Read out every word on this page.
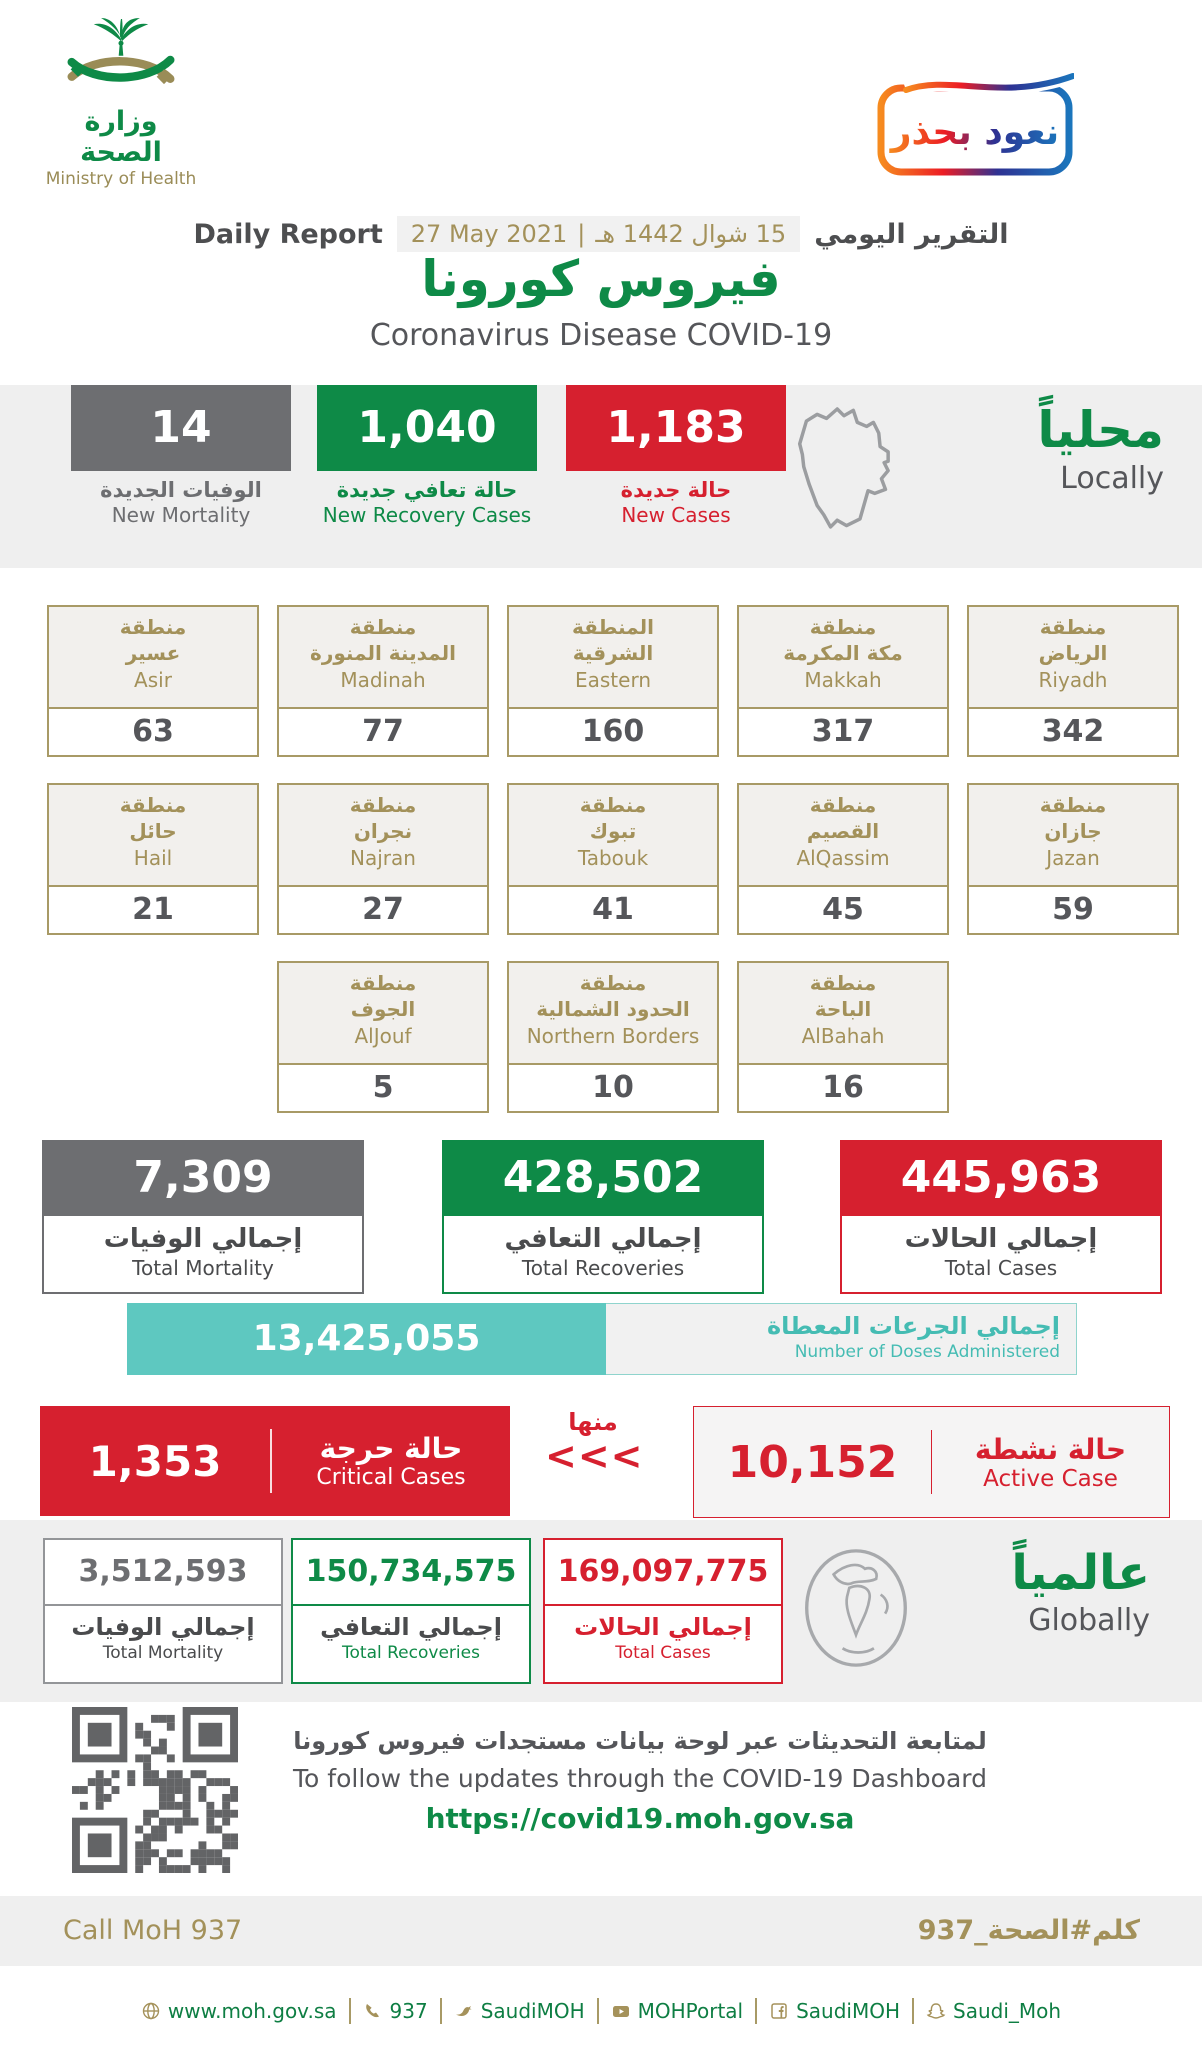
وزارة الصحة
Ministry of Health
نعود بحذر
Daily Report 27 May 2021 | 15 شوال 1442 هـ التقرير اليومي
فيروس كورونا
Coronavirus Disease COVID-19
14
الوفيات الجديدة
New Mortality
1,040
حالة تعافي جديدة
New Recovery Cases
1,183
حالة جديدة
New Cases
محلياً
Locally
منطقة
عسير
Asir
63
منطقة
المدينة المنورة
Madinah
77
المنطقة
الشرقية
Eastern
160
منطقة
مكة المكرمة
Makkah
317
منطقة
الرياض
Riyadh
342
منطقة
حائل
Hail
21
منطقة
نجران
Najran
27
منطقة
تبوك
Tabouk
41
منطقة
القصيم
AlQassim
45
منطقة
جازان
Jazan
59
منطقة
الجوف
AlJouf
5
منطقة
الحدود الشمالية
Northern Borders
10
منطقة
الباحة
AlBahah
16
7,309
إجمالي الوفيات
Total Mortality
428,502
إجمالي التعافي
Total Recoveries
445,963
إجمالي الحالات
Total Cases
13,425,055	إجمالي الجرعات المعطاة
Number of Doses Administered
1,353	حالة حرجة
Critical Cases
منها
<<<	10,152	حالة نشطة
Active Case
3,512,593
إجمالي الوفيات
Total Mortality
150,734,575
إجمالي التعافي
Total Recoveries
169,097,775
إجمالي الحالات
Total Cases
عالمياً
Globally
لمتابعة التحديثات عبر لوحة بيانات مستجدات فيروس كورونا
To follow the updates through the COVID-19 Dashboard
https://covid19.moh.gov.sa
Call MoH 937	كلم#الصحة_937
www.moh.gov.sa	937	SaudiMOH	MOHPortal	SaudiMOH	Saudi_Moh
